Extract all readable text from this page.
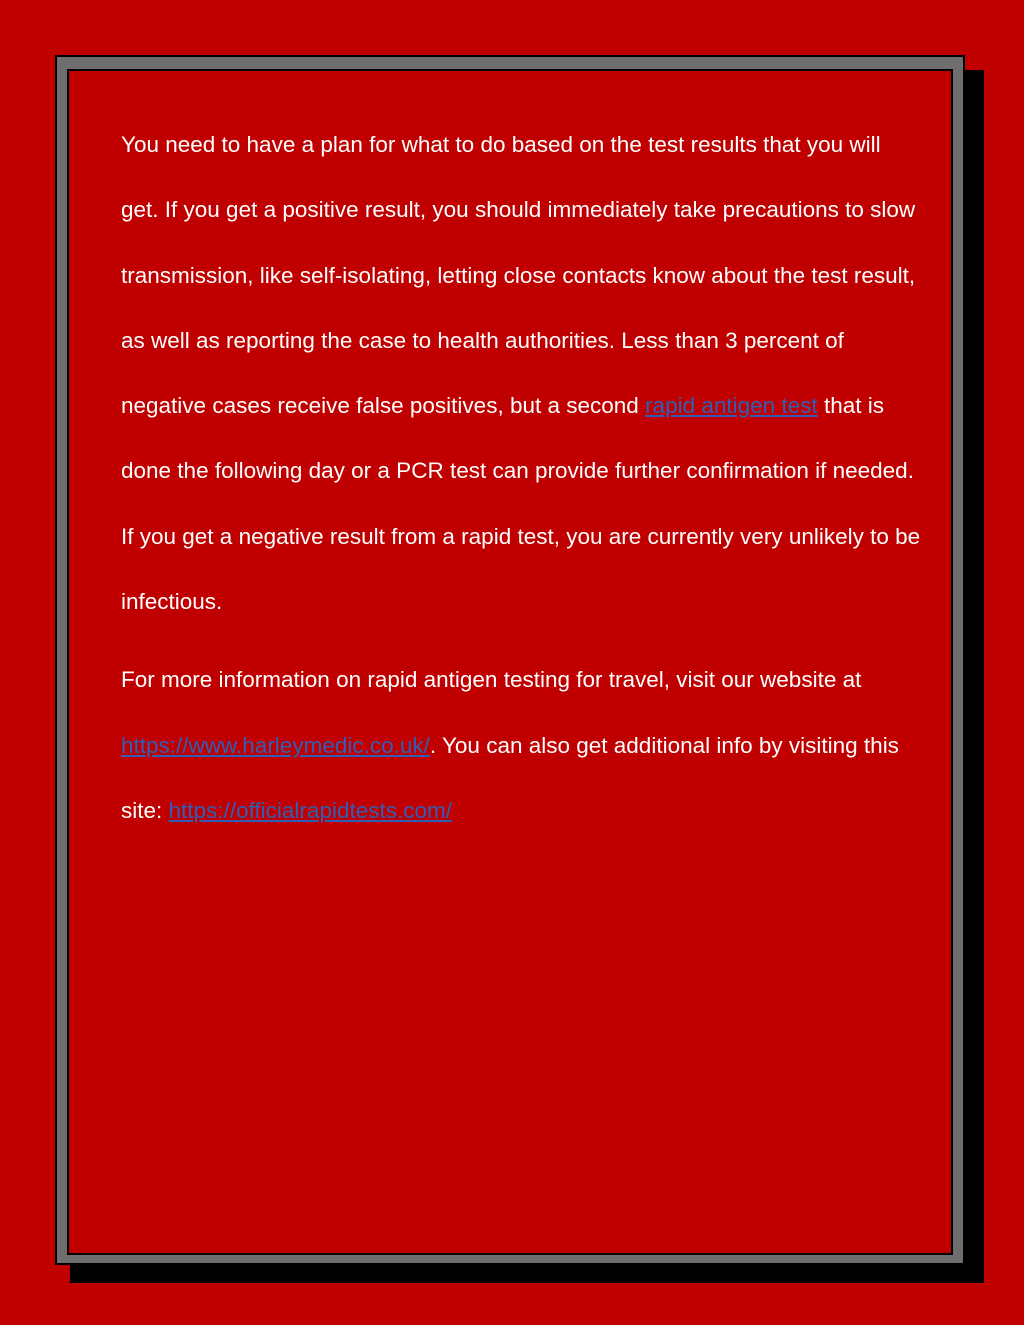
You need to have a plan for what to do based on the test results that you will get. If you get a positive result, you should immediately take precautions to slow transmission, like self-isolating, letting close contacts know about the test result, as well as reporting the case to health authorities. Less than 3 percent of negative cases receive false positives, but a second rapid antigen test that is done the following day or a PCR test can provide further confirmation if needed. If you get a negative result from a rapid test, you are currently very unlikely to be infectious.

For more information on rapid antigen testing for travel, visit our website at https://www.harleymedic.co.uk/. You can also get additional info by visiting this site: https://officialrapidtests.com/
